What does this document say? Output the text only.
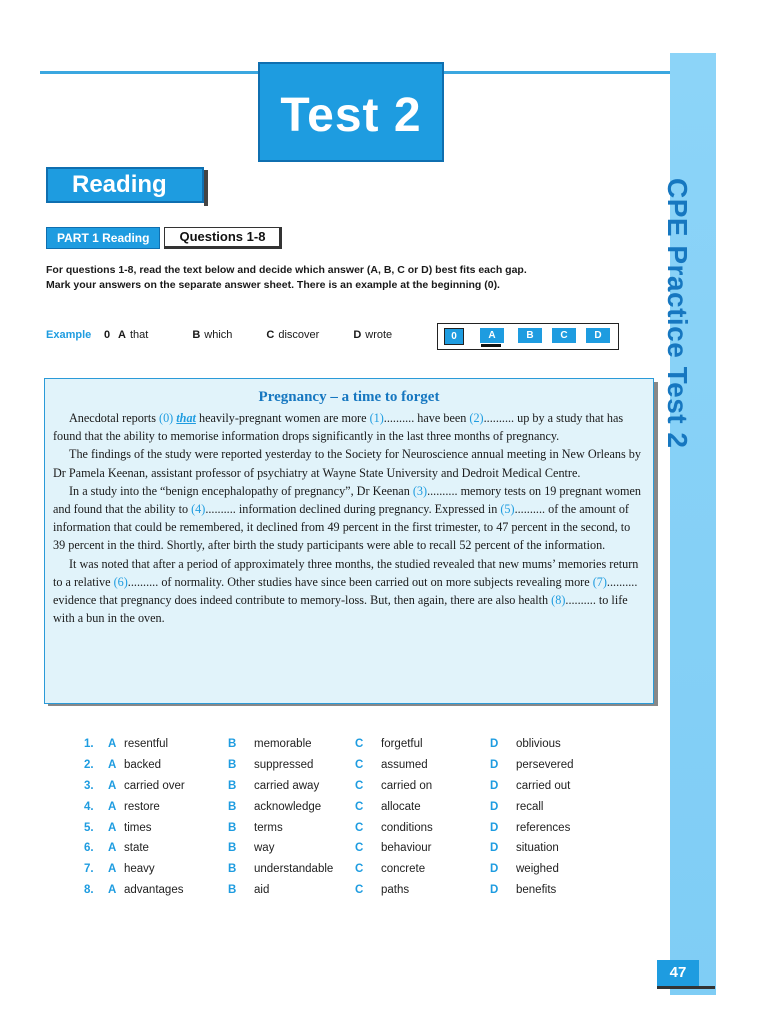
Test 2
CPE Practice Test 2
Reading
PART 1 Reading	Questions 1-8
For questions 1-8, read the text below and decide which answer (A, B, C or D) best fits each gap.
Mark your answers on the separate answer sheet. There is an example at the beginning (0).
Example	0 A that	B which	C discover	D wrote	0	A	B	C	D
Pregnancy – a time to forget

Anecdotal reports (0) that heavily-pregnant women are more (1).......... have been (2).......... up by a study that has found that the ability to memorise information drops significantly in the last three months of pregnancy.

The findings of the study were reported yesterday to the Society for Neuroscience annual meeting in New Orleans by Dr Pamela Keenan, assistant professor of psychiatry at Wayne State University and Dedroit Medical Centre.

In a study into the “benign encephalopathy of pregnancy”, Dr Keenan (3).......... memory tests on 19 pregnant women and found that the ability to (4).......... information declined during pregnancy. Expressed in (5).......... of the amount of information that could be remembered, it declined from 49 percent in the first trimester, to 47 percent in the second, to 39 percent in the third. Shortly, after birth the study participants were able to recall 52 percent of the information.

It was noted that after a period of approximately three months, the studied revealed that new mums’ memories return to a relative (6).......... of normality. Other studies have since been carried out on more subjects revealing more (7).......... evidence that pregnancy does indeed contribute to memory-loss. But, then again, there are also health (8).......... to life with a bun in the oven.

1.	A resentful	B	memorable	C	forgetful	D	oblivious
2.	A backed	B	suppressed	C	assumed	D	persevered
3.	A carried over	B	carried away	C	carried on	D	carried out
4.	A restore	B	acknowledge	C	allocate	D	recall
5.	A times	B	terms	C	conditions	D	references
6.	A state	B	way	C	behaviour	D	situation
7.	A heavy	B	understandable C	concrete	D	weighed
8.	A advantages	B	aid	C	paths	D	benefits
47
